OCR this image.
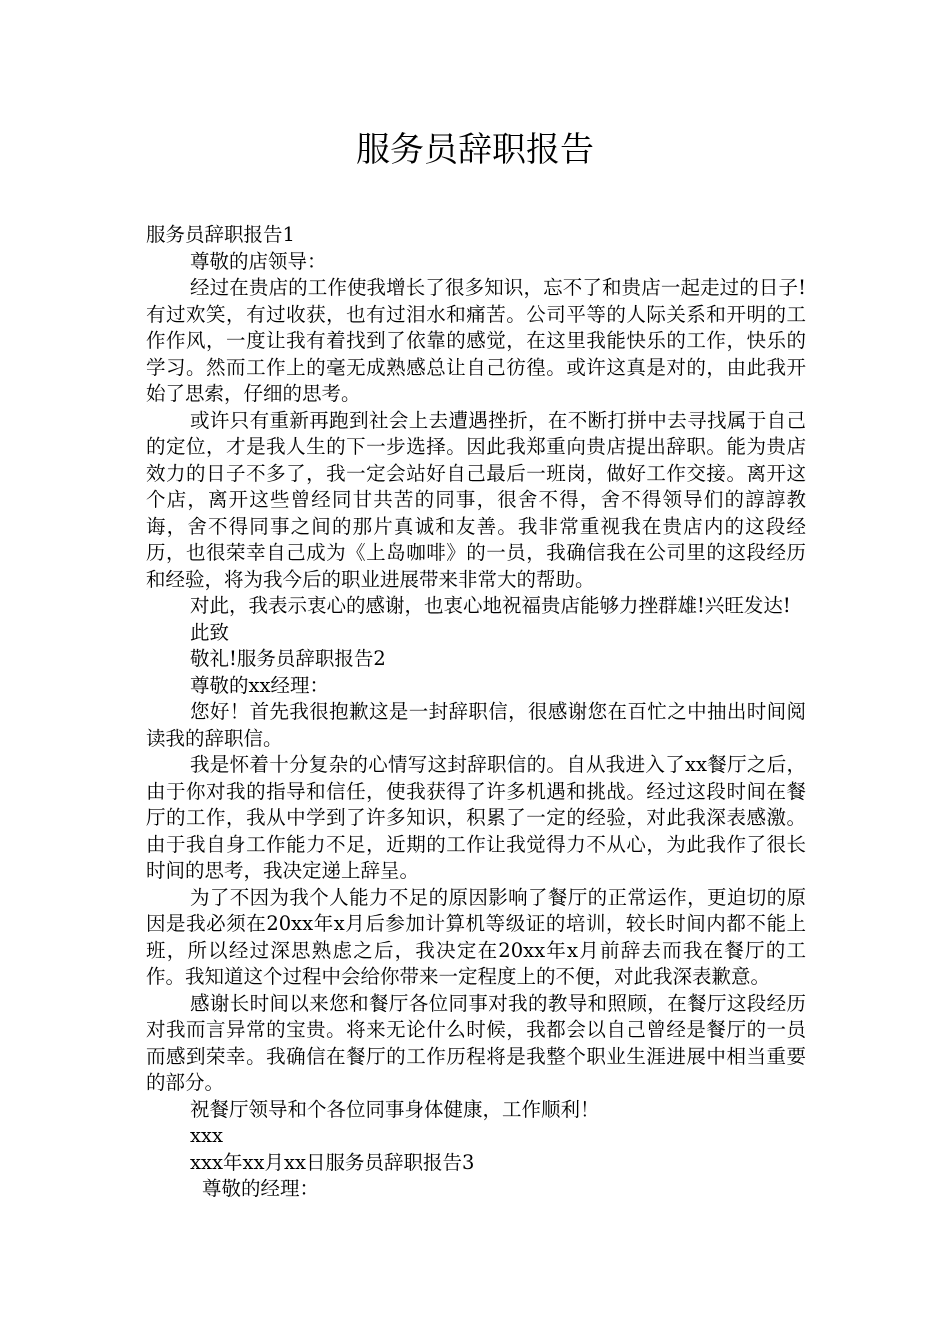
服务员辞职报告

服务员辞职报告1

尊敬的店领导：

经过在贵店的工作使我增长了很多知识，忘不了和贵店一起走过的日子!有过欢笑，有过收获，也有过泪水和痛苦。公司平等的人际关系和开明的工作作风，一度让我有着找到了依靠的感觉，在这里我能快乐的工作，快乐的学习。然而工作上的毫无成熟感总让自己彷徨。或许这真是对的，由此我开始了思索，仔细的思考。

或许只有重新再跑到社会上去遭遇挫折，在不断打拼中去寻找属于自己的定位，才是我人生的下一步选择。因此我郑重向贵店提出辞职。能为贵店效力的日子不多了，我一定会站好自己最后一班岗，做好工作交接。离开这个店，离开这些曾经同甘共苦的同事，很舍不得，舍不得领导们的諄諄教诲，舍不得同事之间的那片真诚和友善。我非常重视我在贵店内的这段经历，也很荣幸自己成为《上岛咖啡》的一员，我确信我在公司里的这段经历和经验，将为我今后的职业进展带来非常大的帮助。

对此，我表示衷心的感谢，也衷心地祝福贵店能够力挫群雄!兴旺发达!

此致

敬礼!服务员辞职报告2

尊敬的xx经理：

您好！首先我很抱歉这是一封辞职信，很感谢您在百忙之中抽出时间阅读我的辞职信。

我是怀着十分复杂的心情写这封辞职信的。自从我进入了xx餐厅之后，由于你对我的指导和信任，使我获得了许多机遇和挑战。经过这段时间在餐厅的工作，我从中学到了许多知识，积累了一定的经验，对此我深表感激。由于我自身工作能力不足，近期的工作让我觉得力不从心，为此我作了很长时间的思考，我决定递上辞呈。

为了不因为我个人能力不足的原因影响了餐厅的正常运作，更迫切的原因是我必须在20xx年x月后参加计算机等级证的培训，较长时间内都不能上班，所以经过深思熟虑之后，我决定在20xx年x月前辞去而我在餐厅的工作。我知道这个过程中会给你带来一定程度上的不便，对此我深表歉意。

感谢长时间以来您和餐厅各位同事对我的教导和照顾，在餐厅这段经历对我而言异常的宝贵。将来无论什么时候，我都会以自己曾经是餐厅的一员而感到荣幸。我确信在餐厅的工作历程将是我整个职业生涯进展中相当重要的部分。

祝餐厅领导和个各位同事身体健康，工作顺利！

xxx

xxx年xx月xx日服务员辞职报告3

尊敬的经理：
